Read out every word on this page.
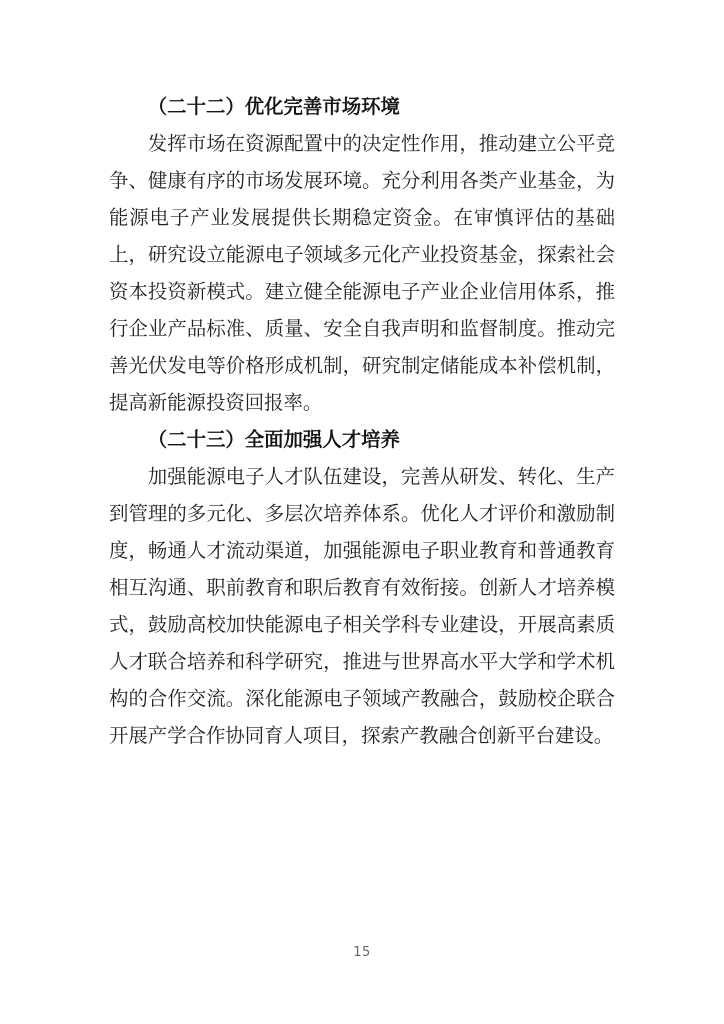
（二十二）优化完善市场环境

发挥市场在资源配置中的决定性作用，推动建立公平竞争、健康有序的市场发展环境。充分利用各类产业基金，为能源电子产业发展提供长期稳定资金。在审慎评估的基础上，研究设立能源电子领域多元化产业投资基金，探索社会资本投资新模式。建立健全能源电子产业企业信用体系，推行企业产品标准、质量、安全自我声明和监督制度。推动完善光伏发电等价格形成机制，研究制定储能成本补偿机制，提高新能源投资回报率。

（二十三）全面加强人才培养

加强能源电子人才队伍建设，完善从研发、转化、生产到管理的多元化、多层次培养体系。优化人才评价和激励制度，畅通人才流动渠道，加强能源电子职业教育和普通教育相互沟通、职前教育和职后教育有效衔接。创新人才培养模式，鼓励高校加快能源电子相关学科专业建设，开展高素质人才联合培养和科学研究，推进与世界高水平大学和学术机构的合作交流。深化能源电子领域产教融合，鼓励校企联合开展产学合作协同育人项目，探索产教融合创新平台建设。

15
